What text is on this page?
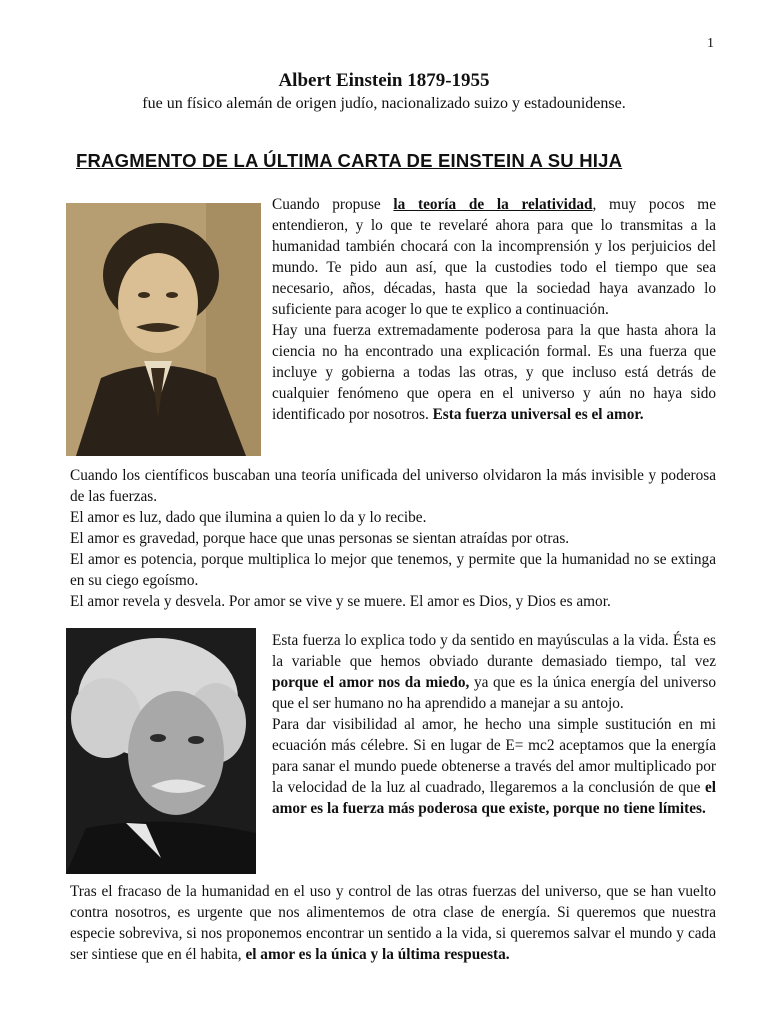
1
Albert Einstein 1879-1955
fue un físico alemán de origen judío, nacionalizado suizo y estadounidense.
FRAGMENTO DE LA ÚLTIMA CARTA DE EINSTEIN A SU HIJA

Cuando propuse la teoría de la relatividad, muy pocos me entendieron, y lo que te revelaré ahora para que lo transmitas a la humanidad también chocará con la incomprensión y los perjuicios del mundo. Te pido aun así, que la custodies todo el tiempo que sea necesario, años, décadas, hasta que la sociedad haya avanzado lo suficiente para acoger lo que te explico a continuación.

Hay una fuerza extremadamente poderosa para la que hasta ahora la ciencia no ha encontrado una explicación formal. Es una fuerza que incluye y gobierna a todas las otras, y que incluso está detrás de cualquier fenómeno que opera en el universo y aún no haya sido identificado por nosotros. Esta fuerza universal es el amor.

Cuando los científicos buscaban una teoría unificada del universo olvidaron la más invisible y poderosa de las fuerzas.

El amor es luz, dado que ilumina a quien lo da y lo recibe.

El amor es gravedad, porque hace que unas personas se sientan atraídas por otras.

El amor es potencia, porque multiplica lo mejor que tenemos, y permite que la humanidad no se extinga en su ciego egoísmo.

El amor revela y desvela. Por amor se vive y se muere. El amor es Dios, y Dios es amor.

Esta fuerza lo explica todo y da sentido en mayúsculas a la vida. Ésta es la variable que hemos obviado durante demasiado tiempo, tal vez porque el amor nos da miedo, ya que es la única energía del universo que el ser humano no ha aprendido a manejar a su antojo.

Para dar visibilidad al amor, he hecho una simple sustitución en mi ecuación más célebre. Si en lugar de E= mc2 aceptamos que la energía para sanar el mundo puede obtenerse a través del amor multiplicado por la velocidad de la luz al cuadrado, llegaremos a la conclusión de que el amor es la fuerza más poderosa que existe, porque no tiene límites.

Tras el fracaso de la humanidad en el uso y control de las otras fuerzas del universo, que se han vuelto contra nosotros, es urgente que nos alimentemos de otra clase de energía. Si queremos que nuestra especie sobreviva, si nos proponemos encontrar un sentido a la vida, si queremos salvar el mundo y cada ser sintiese que en él habita, el amor es la única y la última respuesta.
